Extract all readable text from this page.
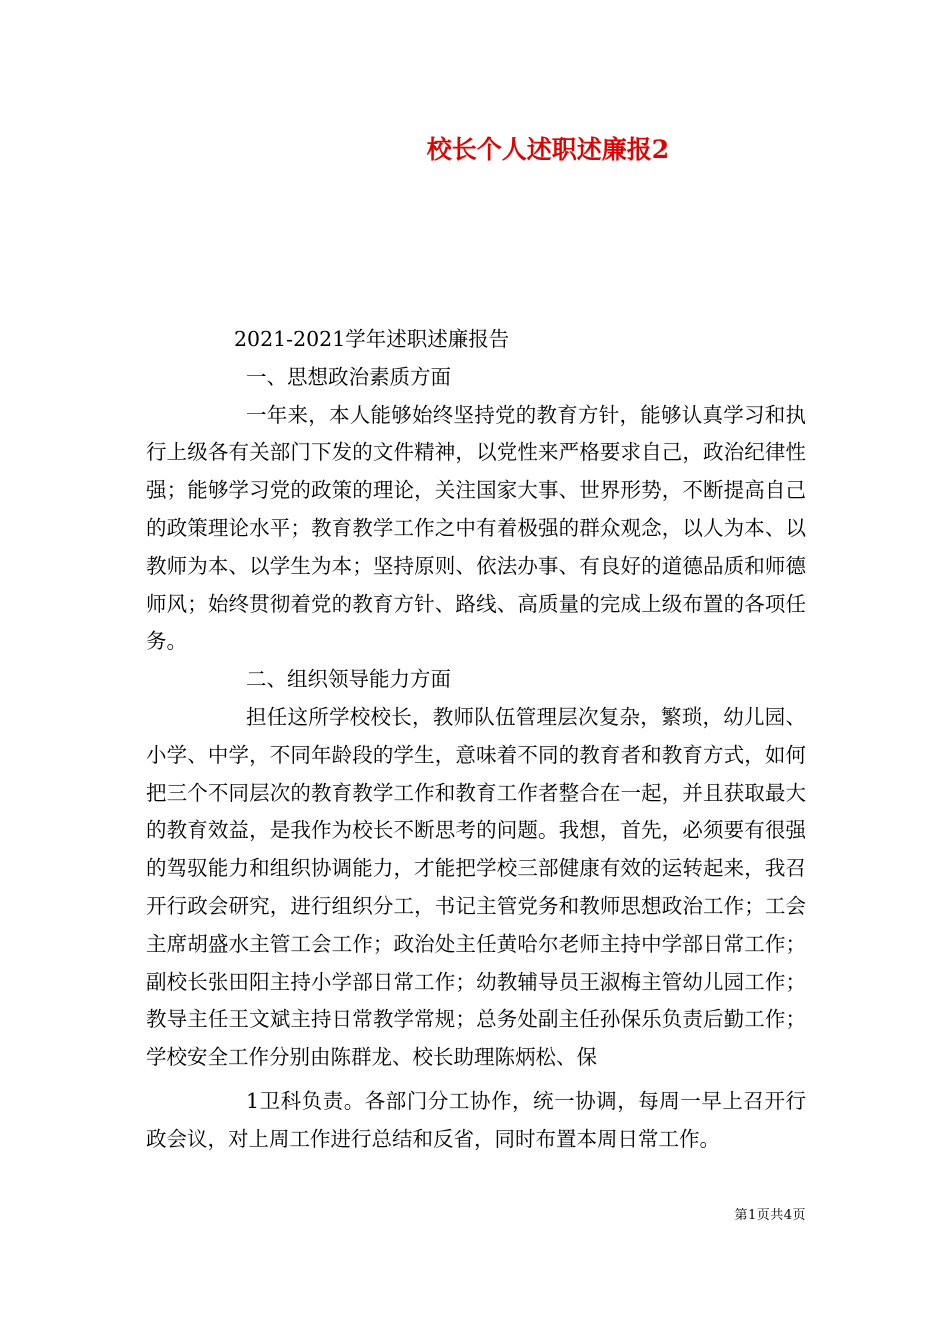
校长个人述职述廉报2

2021-2021学年述职述廉报告

一、思想政治素质方面

一年来，本人能够始终坚持党的教育方针，能够认真学习和执行上级各有关部门下发的文件精神，以党性来严格要求自己，政治纪律性强；能够学习党的政策的理论，关注国家大事、世界形势，不断提高自己的政策理论水平；教育教学工作之中有着极强的群众观念，以人为本、以教师为本、以学生为本；坚持原则、依法办事、有良好的道德品质和师德师风；始终贯彻着党的教育方针、路线、高质量的完成上级布置的各项任务。

二、组织领导能力方面

担任这所学校校长，教师队伍管理层次复杂，繁琐，幼儿园、小学、中学，不同年龄段的学生，意味着不同的教育者和教育方式，如何把三个不同层次的教育教学工作和教育工作者整合在一起，并且获取最大的教育效益，是我作为校长不断思考的问题。我想，首先，必须要有很强的驾驭能力和组织协调能力，才能把学校三部健康有效的运转起来，我召开行政会研究，进行组织分工，书记主管党务和教师思想政治工作；工会主席胡盛水主管工会工作；政治处主任黄哈尔老师主持中学部日常工作；副校长张田阳主持小学部日常工作；幼教辅导员王淑梅主管幼儿园工作；教导主任王文斌主持日常教学常规；总务处副主任孙保乐负责后勤工作；学校安全工作分别由陈群龙、校长助理陈炳松、保

1卫科负责。各部门分工协作，统一协调，每周一早上召开行政会议，对上周工作进行总结和反省，同时布置本周日常工作。

第1页共4页
